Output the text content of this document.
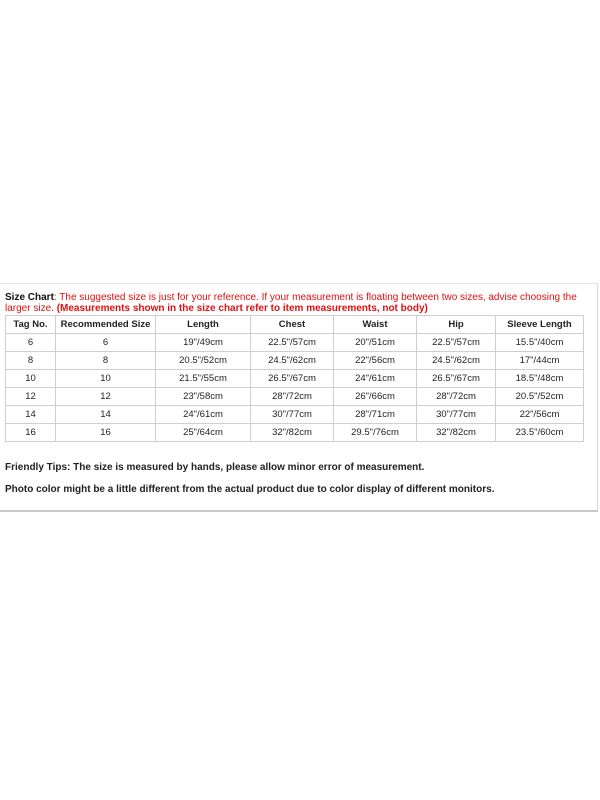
Size Chart: The suggested size is just for your reference. If your measurement is floating between two sizes, advise choosing the larger size. (Measurements shown in the size chart refer to item measurements, not body)
Tag No.	Recommended Size	Length	Chest	Waist	Hip	Sleeve Length
6	6	19"/49cm	22.5"/57cm	20"/51cm	22.5"/57cm	15.5"/40cm
8	8	20.5"/52cm	24.5"/62cm	22"/56cm	24.5"/62cm	17"/44cm
10	10	21.5"/55cm	26.5"/67cm	24"/61cm	26.5"/67cm	18.5"/48cm
12	12	23"/58cm	28"/72cm	26"/66cm	28"/72cm	20.5"/52cm
14	14	24"/61cm	30"/77cm	28"/71cm	30"/77cm	22"/56cm
16	16	25"/64cm	32"/82cm	29.5"/76cm	32"/82cm	23.5"/60cm
Friendly Tips: The size is measured by hands, please allow minor error of measurement.
Photo color might be a little different from the actual product due to color display of different monitors.
